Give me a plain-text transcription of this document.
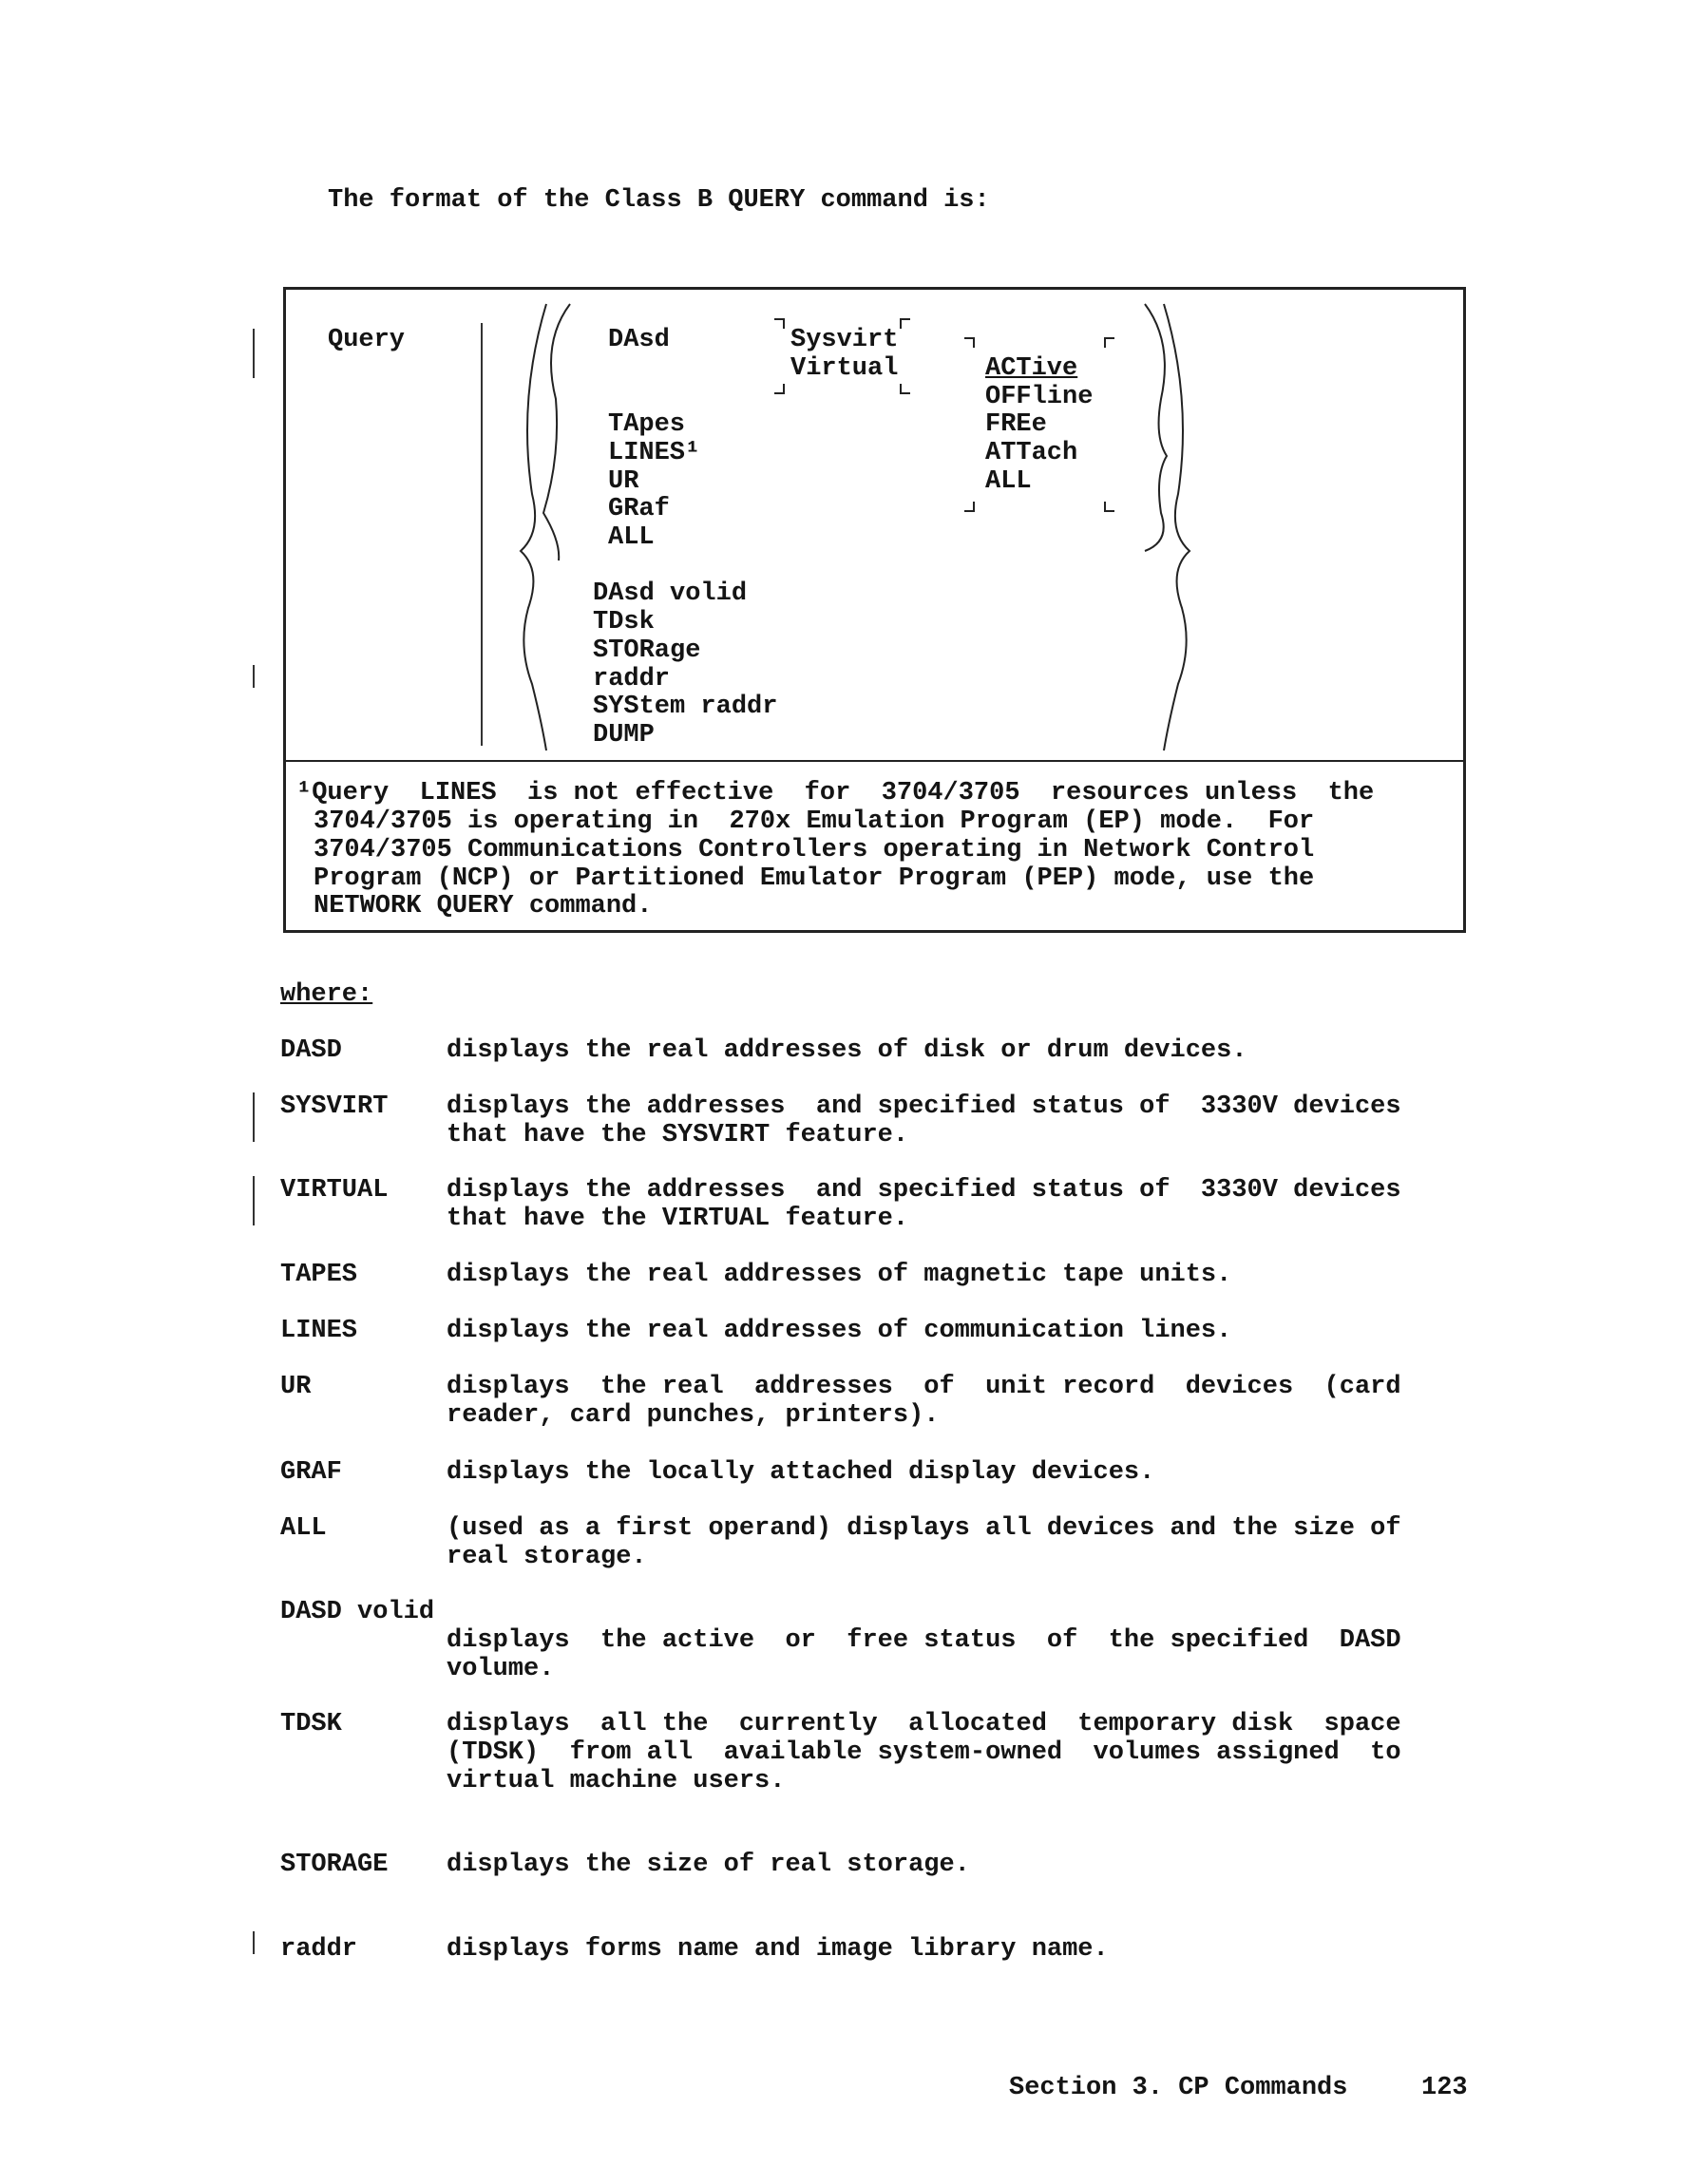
The format of the Class B QUERY command is:
Query	DAsd
TApes
LINES¹
UR
GRaf
ALL
Sysvirt
Virtual	ACTive
OFFline
FREe
ATTach
ALL
DAsd volid
TDsk
STORage
raddr
SYStem raddr
DUMP
¹Query  LINES  is not effective  for  3704/3705  resources unless  the
3704/3705 is operating in  270x Emulation Program (EP) mode.  For
3704/3705 Communications Controllers operating in Network Control
Program (NCP) or Partitioned Emulator Program (PEP) mode, use the
NETWORK QUERY command.
where:
DASD	displays the real addresses of disk or drum devices.
SYSVIRT displays the addresses  and specified status of  3330V devices
that have the SYSVIRT feature.
VIRTUAL displays the addresses  and specified status of  3330V devices
that have the VIRTUAL feature.
TAPES	displays the real addresses of magnetic tape units.
LINES	displays the real addresses of communication lines.
UR	displays  the real  addresses  of  unit record  devices  (card
reader, card punches, printers).
GRAF	displays the locally attached display devices.
ALL	(used as a first operand) displays all devices and the size of
real storage.
DASD volid
displays  the active  or  free status  of  the specified  DASD
volume.
TDSK	displays  all the  currently  allocated  temporary disk  space
(TDSK)  from all  available system-owned  volumes assigned  to
virtual machine users.
STORAGE displays the size of real storage.
raddr	displays forms name and image library name.
Section 3. CP Commands	123
